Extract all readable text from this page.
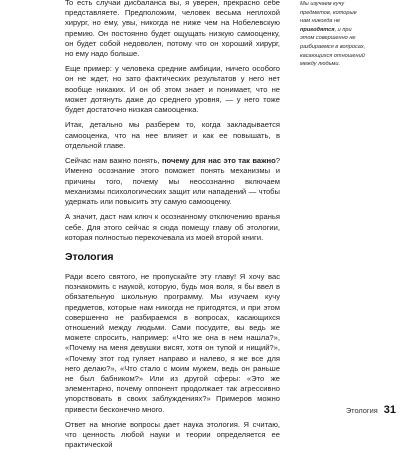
То есть случаи дисбаланса вы, я уверен, прекрасно себе представляете. Предположим, человек весьма неплохой хирург, но ему, увы, никогда не ниже чем на Нобелевскую премию. Он постоянно будет ощущать низкую самооценку, он будет собой недоволен, потому что он хороший хирург, но ему надо больше.

Еще пример: у человека средние амбиции, ничего особого он не ждет, но зато фактических результатов у него нет вообще никаких. И он об этом знает и понимает, что не может дотянуть даже до среднего уровня, — у него тоже будет достаточно низкая самооценка.

Итак, детально мы разберем то, когда закладывается самооценка, что на нее влияет и как ее повышать, в отдельной главе.

Сейчас нам важно понять, почему для нас это так важно? Именно осознание этого поможет понять механизмы и причины того, почему мы неосознанно включаем механизмы психологических защит или нападений — чтобы удержать или повысить эту самую самооценку.

А значит, даст нам ключ к осознанному отключению вранья себе. Для этого сейчас я сюда помещу главу об этологии, которая полностью перекочевала из моей второй книги.

Этология

Ради всего святого, не пропускайте эту главу! Я хочу вас познакомить с наукой, которую, будь моя воля, я бы ввел в обязательную школьную программу. Мы изучаем кучу предметов, которые нам никогда не пригодятся, и при этом совершенно не разбираемся в вопросах, касающихся отношений между людьми. Сами посудите, вы ведь же можете спросить, например: «Что же она в нем нашла?», «Почему на меня девушки висят, хотя он тупой и нищий?», «Почему этот год гуляет направо и налево, я же все для него делаю?», «Что стало с моим мужем, ведь он раньше не был бабником?» Или из другой сферы: «Это же элементарно, почему оппонент продолжает так агрессивно упорствовать в своих заблуждениях?» Примеров можно привести бесконечно много.

Ответ на многие вопросы дает наука этология. Я считаю, что ценность любой науки и теории определяется ее практической

Мы изучаем кучу предметов, которые нам никогда не пригодятся, и при этом совершенно не разбираемся в вопросах, касающихся отношений между людьми.
Этология 31
